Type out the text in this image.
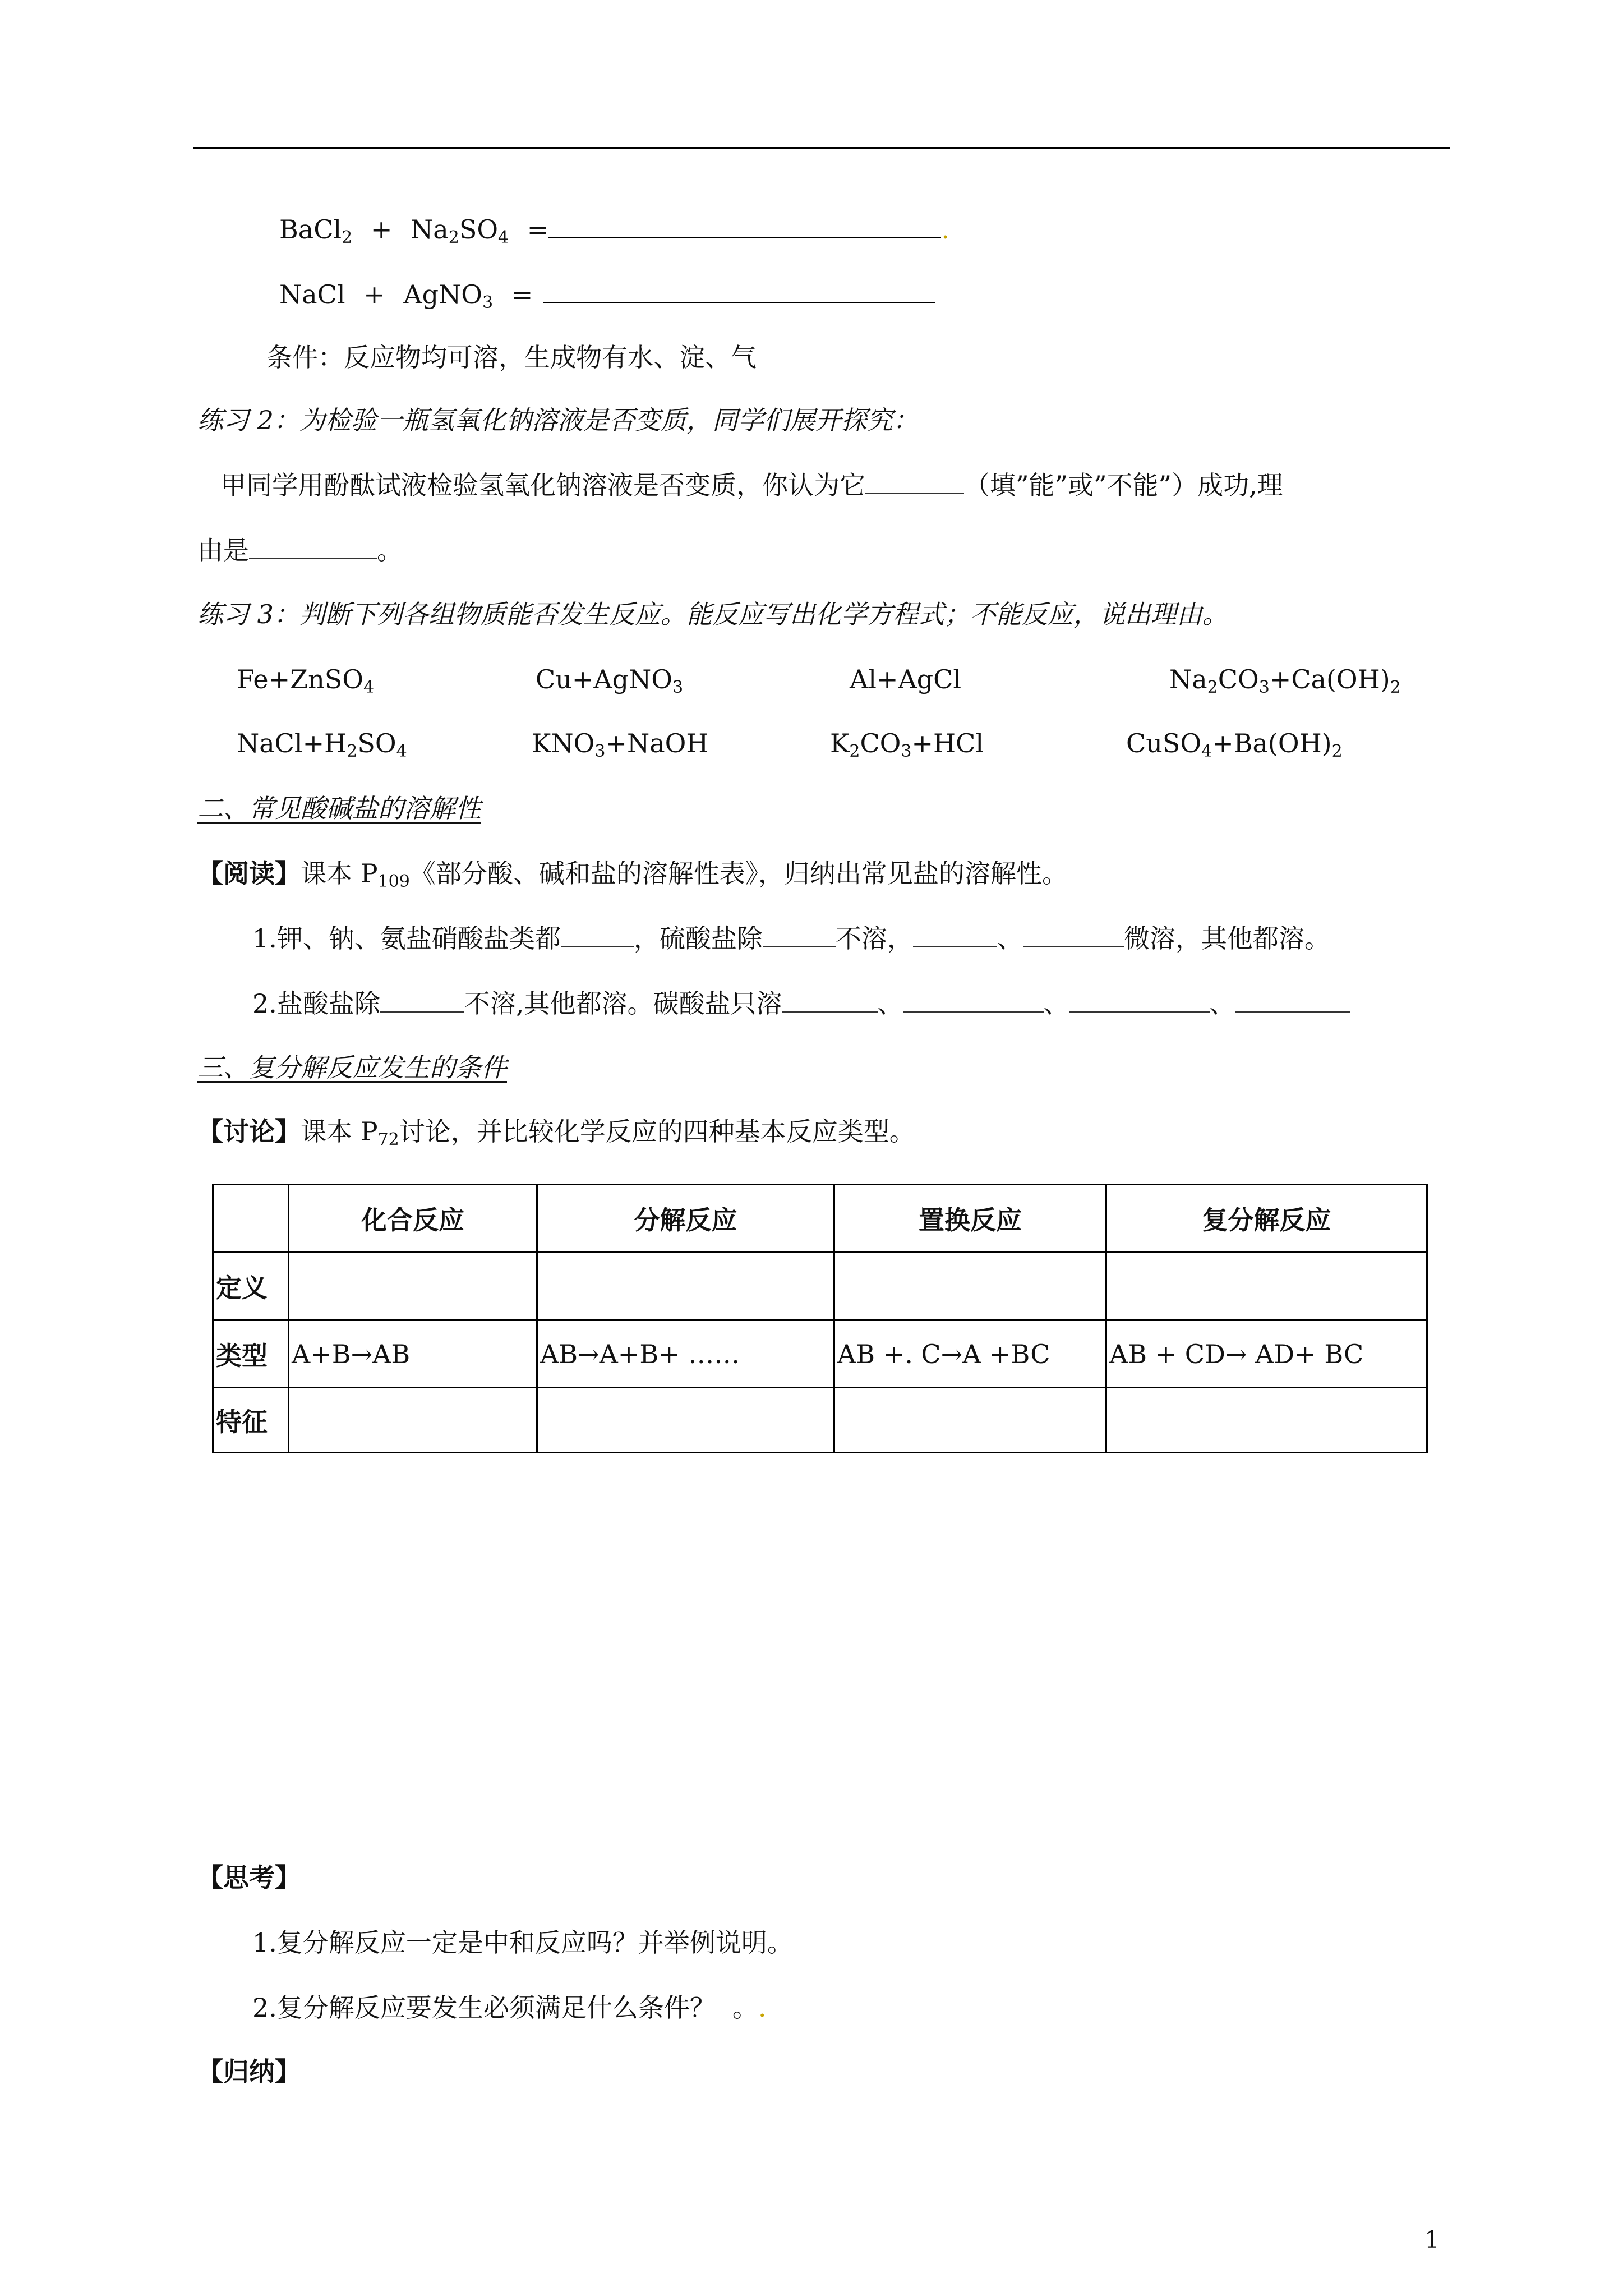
BaCl$_2$ + $Na_2SO_4$ =	.
NaCl + AgNO$_3$ =
条件：反应物均可溶，生成物有水、淀、气
练习 2：为检验一瓶氢氧化钠溶液是否变质，同学们展开探究：
甲同学用酚酞试液检验氢氧化钠溶液是否变质，你认为它	（填”能”或”不能”）成功,理
由是	。
练习 3：判断下列各组物质能否发生反应。能反应写出化学方程式；不能反应，说出理由。
Fe+ZnSO$_4$	Cu+AgNO$_3$	Al+AgCl	$Na_2CO_3+Ca(OH)_2$
$NaCl+H_2SO_4$	$KNO_3+NaOH$	$K_2CO_3+HCl$	$CuSO_4+Ba(OH)_2$
二、常见酸碱盐的溶解性
【阅读】课本 $P_{109}$《部分酸、碱和盐的溶解性表》，归纳出常见盐的溶解性。
1.钾、钠、氨盐硝酸盐类都	，硫酸盐除	不溶，	、	微溶，其他都溶。
2.盐酸盐除	不溶,其他都溶。碳酸盐只溶	、	、	、
三、复分解反应发生的条件
【讨论】课本 $P_{72}$讨论，并比较化学反应的四种基本反应类型。
	化合反应	分解反应	置换反应	复分解反应
定义				
类型	A+B→AB	AB→A+B+ ……	AB +. C→A +BC	AB + CD→ AD+ BC
特征				
【思考】
1.复分解反应一定是中和反应吗？并举例说明。
2.复分解反应要发生必须满足什么条件？ 。.
【归纳】
1
